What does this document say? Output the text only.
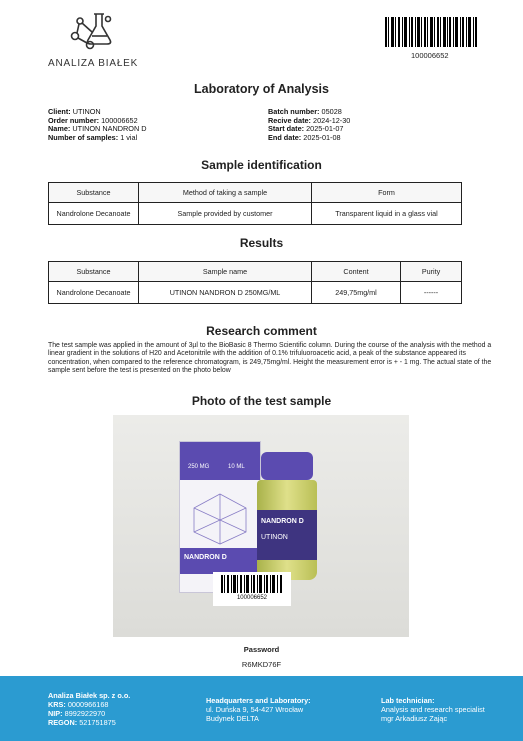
ANALIZA BIAŁEK
100006652
Laboratory of Analysis
Client: UTINON
Order number: 100006652
Name: UTINON NANDRON D
Number of samples: 1 vial
Batch number: 05028
Recive date: 2024-12-30
Start date: 2025-01-07
End date: 2025-01-08
Sample identification
Substance	Method of taking a sample	Form
Nandrolone Decanoate	Sample provided by customer	Transparent liquid in a glass vial
Results
Substance	Sample name	Content	Purity
Nandrolone Decanoate	UTINON NANDRON D 250MG/ML	249,75mg/ml	------
Research comment
The test sample was applied in the amount of 3µl to the BioBasic 8 Thermo Scientific column. During the course of the analysis with the method a linear gradient in the solutions of H20 and Acetonitrile with the addition of 0.1% trifuluoroacetic acid, a peak of the substance appeared its concentration, when compared to the reference chromatogram, is 249,75mg/ml. Height the measurement error is + - 1 mg. The actual state of the sample sent before the test is presented on the photo below
Photo of the test sample
250 MG	10 ML
NANDRON D
NANDRON D
UTINON
100006652
Password
R6MKD76F
Analiza Białek sp. z o.o.
KRS: 0000966168
NIP: 8992922970
REGON: 521751875
Headquarters and Laboratory:
ul. Duńska 9, 54-427 Wrocław
Budynek DELTA
Lab technician:
Analysis and research specialist
mgr Arkadiusz Zając
